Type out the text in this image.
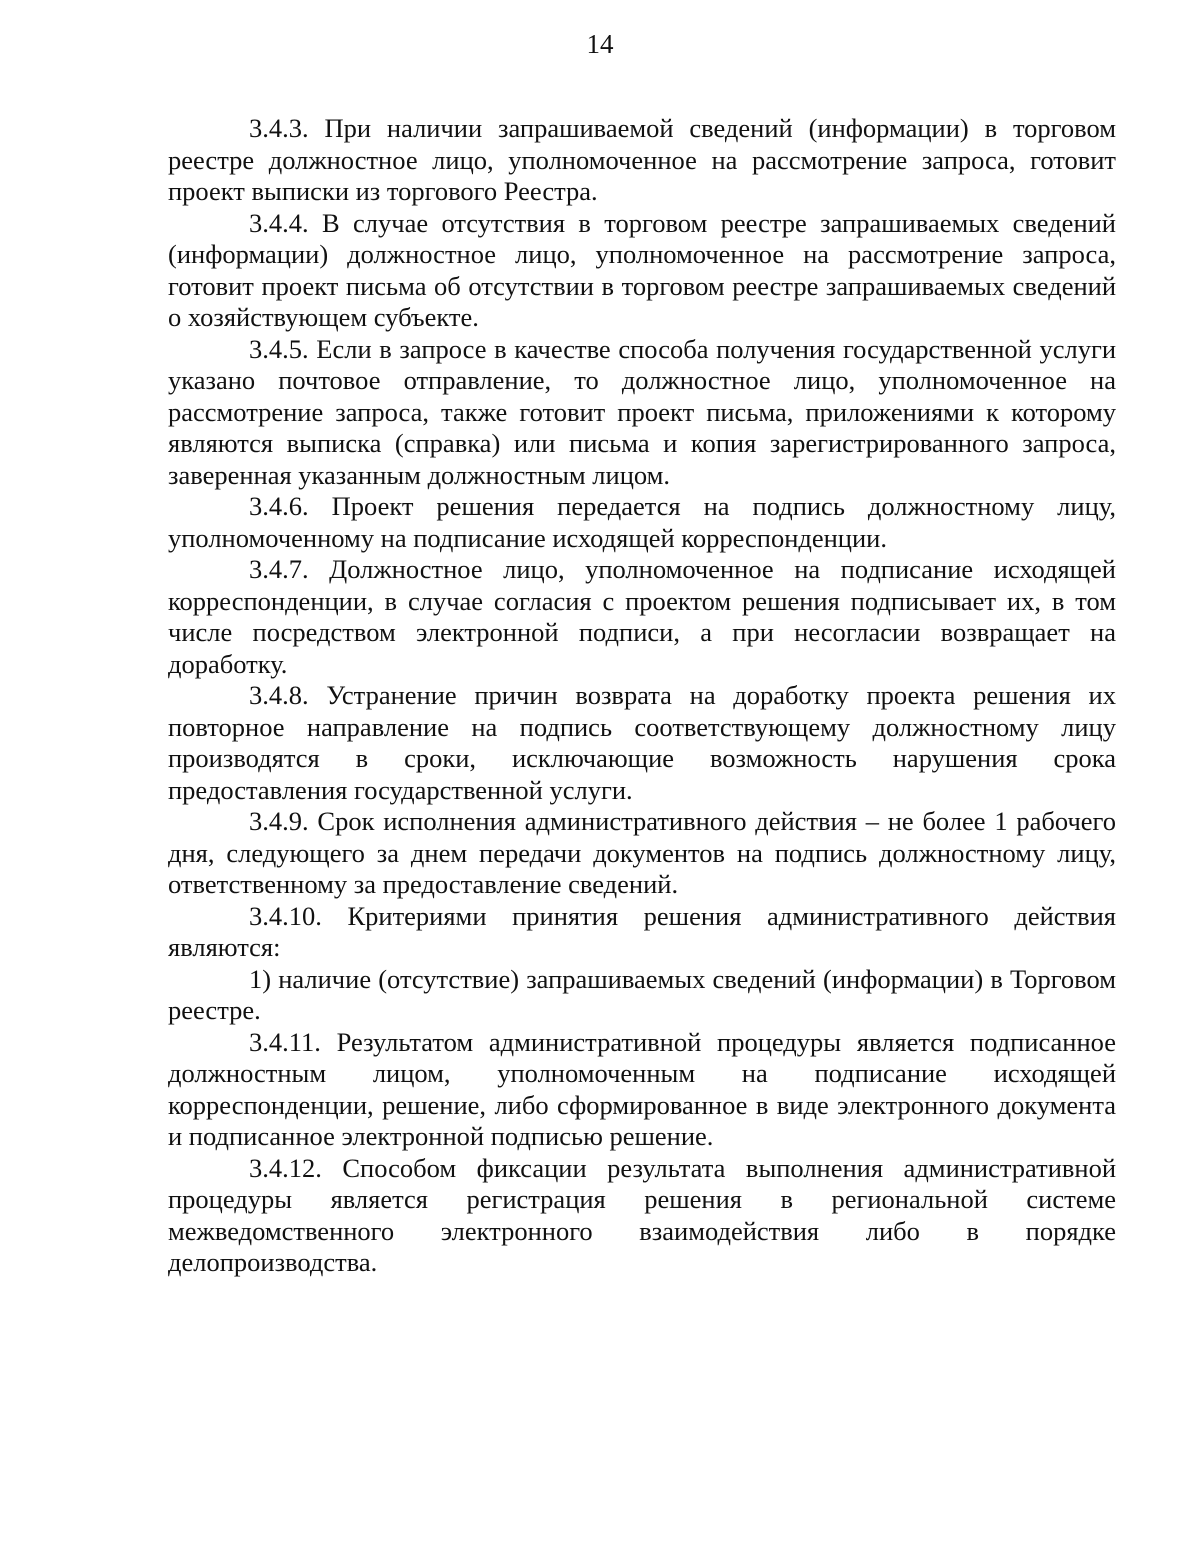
14

3.4.3. При наличии запрашиваемой сведений (информации) в торговом реестре должностное лицо, уполномоченное на рассмотрение запроса, готовит проект выписки из торгового Реестра.

3.4.4. В случае отсутствия в торговом реестре запрашиваемых сведений (информации) должностное лицо, уполномоченное на рассмотрение запроса, готовит проект письма об отсутствии в торговом реестре запрашиваемых сведений о хозяйствующем субъекте.

3.4.5. Если в запросе в качестве способа получения государственной услуги указано почтовое отправление, то должностное лицо, уполномоченное на рассмотрение запроса, также готовит проект письма, приложениями к которому являются выписка (справка) или письма и копия зарегистрированного запроса, заверенная указанным должностным лицом.

3.4.6. Проект решения передается на подпись должностному лицу, уполномоченному на подписание исходящей корреспонденции.

3.4.7. Должностное лицо, уполномоченное на подписание исходящей корреспонденции, в случае согласия с проектом решения подписывает их, в том числе посредством электронной подписи, а при несогласии возвращает на доработку.

3.4.8. Устранение причин возврата на доработку проекта решения их повторное направление на подпись соответствующему должностному лицу производятся в сроки, исключающие возможность нарушения срока предоставления государственной услуги.

3.4.9. Срок исполнения административного действия – не более 1 рабочего дня, следующего за днем передачи документов на подпись должностному лицу, ответственному за предоставление сведений.

3.4.10. Критериями принятия решения административного действия являются:

1) наличие (отсутствие) запрашиваемых сведений (информации) в Торговом реестре.

3.4.11. Результатом административной процедуры является подписанное должностным лицом, уполномоченным на подписание исходящей корреспонденции, решение, либо сформированное в виде электронного документа и подписанное электронной подписью решение.

3.4.12. Способом фиксации результата выполнения административной процедуры является регистрация решения в региональной системе межведомственного электронного взаимодействия либо в порядке делопроизводства.
